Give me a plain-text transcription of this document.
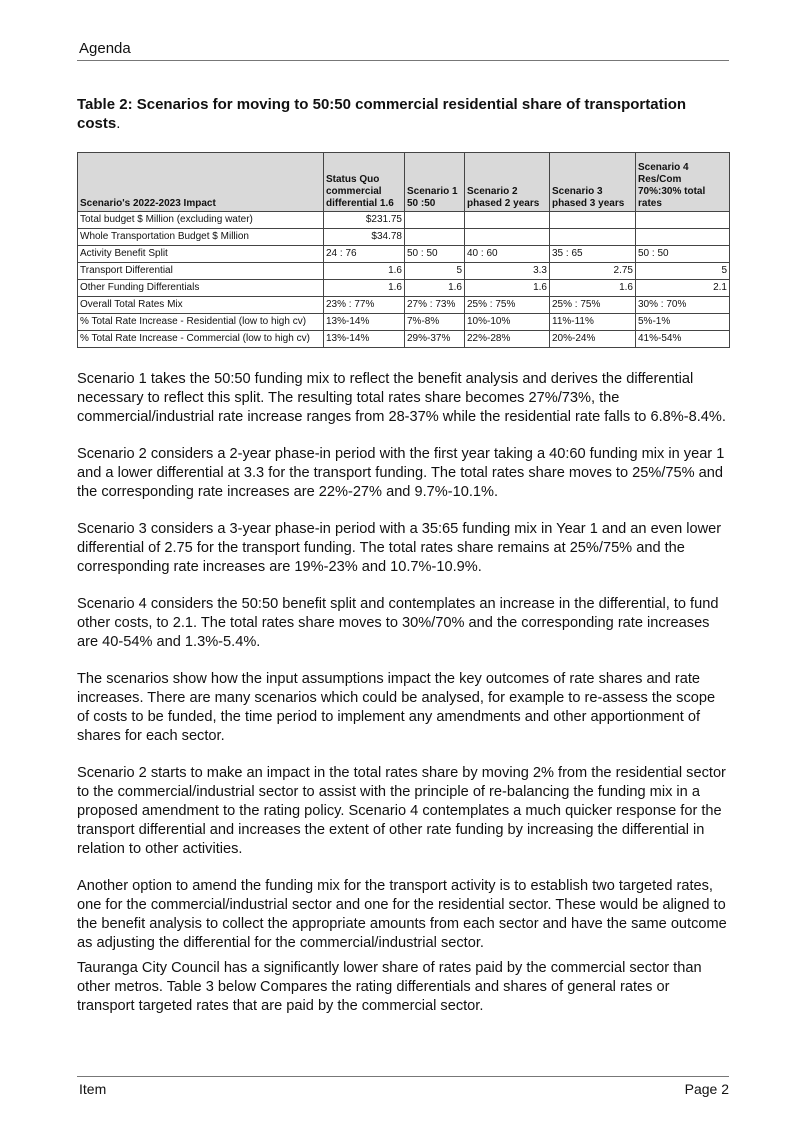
Agenda
Table 2: Scenarios for moving to 50:50 commercial residential share of transportation costs.
Scenario's 2022-2023 Impact	Status Quo commercial differential 1.6	Scenario 1 50 :50	Scenario 2 phased 2 years	Scenario 3 phased 3 years	Scenario 4 Res/Com 70%:30% total rates
Total budget $ Million (excluding water)	$231.75				
Whole Transportation Budget $ Million	$34.78				
Activity Benefit Split	24 : 76	50 : 50	40 : 60	35 : 65	50 : 50
Transport Differential	1.6	5	3.3	2.75	5
Other Funding Differentials	1.6	1.6	1.6	1.6	2.1
Overall Total Rates Mix	23% : 77%	27% : 73%	25% : 75%	25% : 75%	30% : 70%
% Total Rate Increase - Residential (low to high cv)	13%-14%	7%-8%	10%-10%	11%-11%	5%-1%
% Total Rate Increase - Commercial (low to high cv)	13%-14%	29%-37%	22%-28%	20%-24%	41%-54%

Scenario 1 takes the 50:50 funding mix to reflect the benefit analysis and derives the differential necessary to reflect this split. The resulting total rates share becomes 27%/73%, the commercial/industrial rate increase ranges from 28-37% while the residential rate falls to 6.8%-8.4%.

Scenario 2 considers a 2-year phase-in period with the first year taking a 40:60 funding mix in year 1 and a lower differential at 3.3 for the transport funding. The total rates share moves to 25%/75% and the corresponding rate increases are 22%-27% and 9.7%-10.1%.

Scenario 3 considers a 3-year phase-in period with a 35:65 funding mix in Year 1 and an even lower differential of 2.75 for the transport funding. The total rates share remains at 25%/75% and the corresponding rate increases are 19%-23% and 10.7%-10.9%.

Scenario 4 considers the 50:50 benefit split and contemplates an increase in the differential, to fund other costs, to 2.1. The total rates share moves to 30%/70% and the corresponding rate increases are 40-54% and 1.3%-5.4%.

The scenarios show how the input assumptions impact the key outcomes of rate shares and rate increases. There are many scenarios which could be analysed, for example to re-assess the scope of costs to be funded, the time period to implement any amendments and other apportionment of shares for each sector.

Scenario 2 starts to make an impact in the total rates share by moving 2% from the residential sector to the commercial/industrial sector to assist with the principle of re-balancing the funding mix in a proposed amendment to the rating policy. Scenario 4 contemplates a much quicker response for the transport differential and increases the extent of other rate funding by increasing the differential in relation to other activities.

Another option to amend the funding mix for the transport activity is to establish two targeted rates, one for the commercial/industrial sector and one for the residential sector. These would be aligned to the benefit analysis to collect the appropriate amounts from each sector and have the same outcome as adjusting the differential for the commercial/industrial sector.

Tauranga City Council has a significantly lower share of rates paid by the commercial sector than other metros. Table 3 below Compares the rating differentials and shares of general rates or transport targeted rates that are paid by the commercial sector.

Item	Page 2
